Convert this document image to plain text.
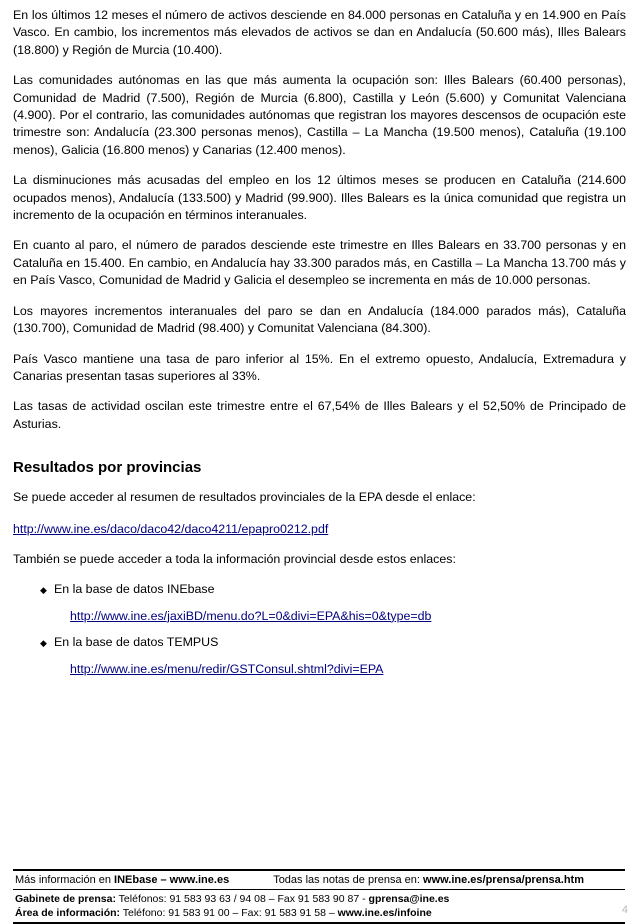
En los últimos 12 meses el número de activos desciende en 84.000 personas en Cataluña y en 14.900 en País Vasco. En cambio, los incrementos más elevados de activos se dan en Andalucía (50.600 más), Illes Balears (18.800) y Región de Murcia (10.400).

Las comunidades autónomas en las que más aumenta la ocupación son: Illes Balears (60.400 personas), Comunidad de Madrid (7.500), Región de Murcia (6.800), Castilla y León (5.600) y Comunitat Valenciana (4.900). Por el contrario, las comunidades autónomas que registran los mayores descensos de ocupación este trimestre son: Andalucía (23.300 personas menos), Castilla – La Mancha (19.500 menos), Cataluña (19.100 menos), Galicia (16.800 menos) y Canarias (12.400 menos).

La disminuciones más acusadas del empleo en los 12 últimos meses se producen en Cataluña (214.600 ocupados menos), Andalucía (133.500) y Madrid (99.900). Illes Balears es la única comunidad que registra un incremento de la ocupación en términos interanuales.

En cuanto al paro, el número de parados desciende este trimestre en Illes Balears en 33.700 personas y en Cataluña en 15.400. En cambio, en Andalucía hay 33.300 parados más, en Castilla – La Mancha 13.700 más y en País Vasco, Comunidad de Madrid y Galicia el desempleo se incrementa en más de 10.000 personas.

Los mayores incrementos interanuales del paro se dan en Andalucía (184.000 parados más), Cataluña (130.700), Comunidad de Madrid (98.400) y Comunitat Valenciana (84.300).

País Vasco mantiene una tasa de paro inferior al 15%. En el extremo opuesto, Andalucía, Extremadura y Canarias presentan tasas superiores al 33%.

Las tasas de actividad oscilan este trimestre entre el 67,54% de Illes Balears y el 52,50% de Principado de Asturias.

Resultados por provincias

Se puede acceder al resumen de resultados provinciales de la EPA desde el enlace:

http://www.ine.es/daco/daco42/daco4211/epapro0212.pdf

También se puede acceder a toda la información provincial desde estos enlaces:

◆ En la base de datos INEbase
http://www.ine.es/jaxiBD/menu.do?L=0&divi=EPA&his=0&type=db
◆ En la base de datos TEMPUS
http://www.ine.es/menu/redir/GSTConsul.shtml?divi=EPA
Más información en INEbase – www.ine.es	Todas las notas de prensa en: www.ine.es/prensa/prensa.htm
Gabinete de prensa: Teléfonos: 91 583 93 63 / 94 08 – Fax 91 583 90 87 - gprensa@ine.es
Área de información: Teléfono: 91 583 91 00 – Fax: 91 583 91 58 – www.ine.es/infoine	4
